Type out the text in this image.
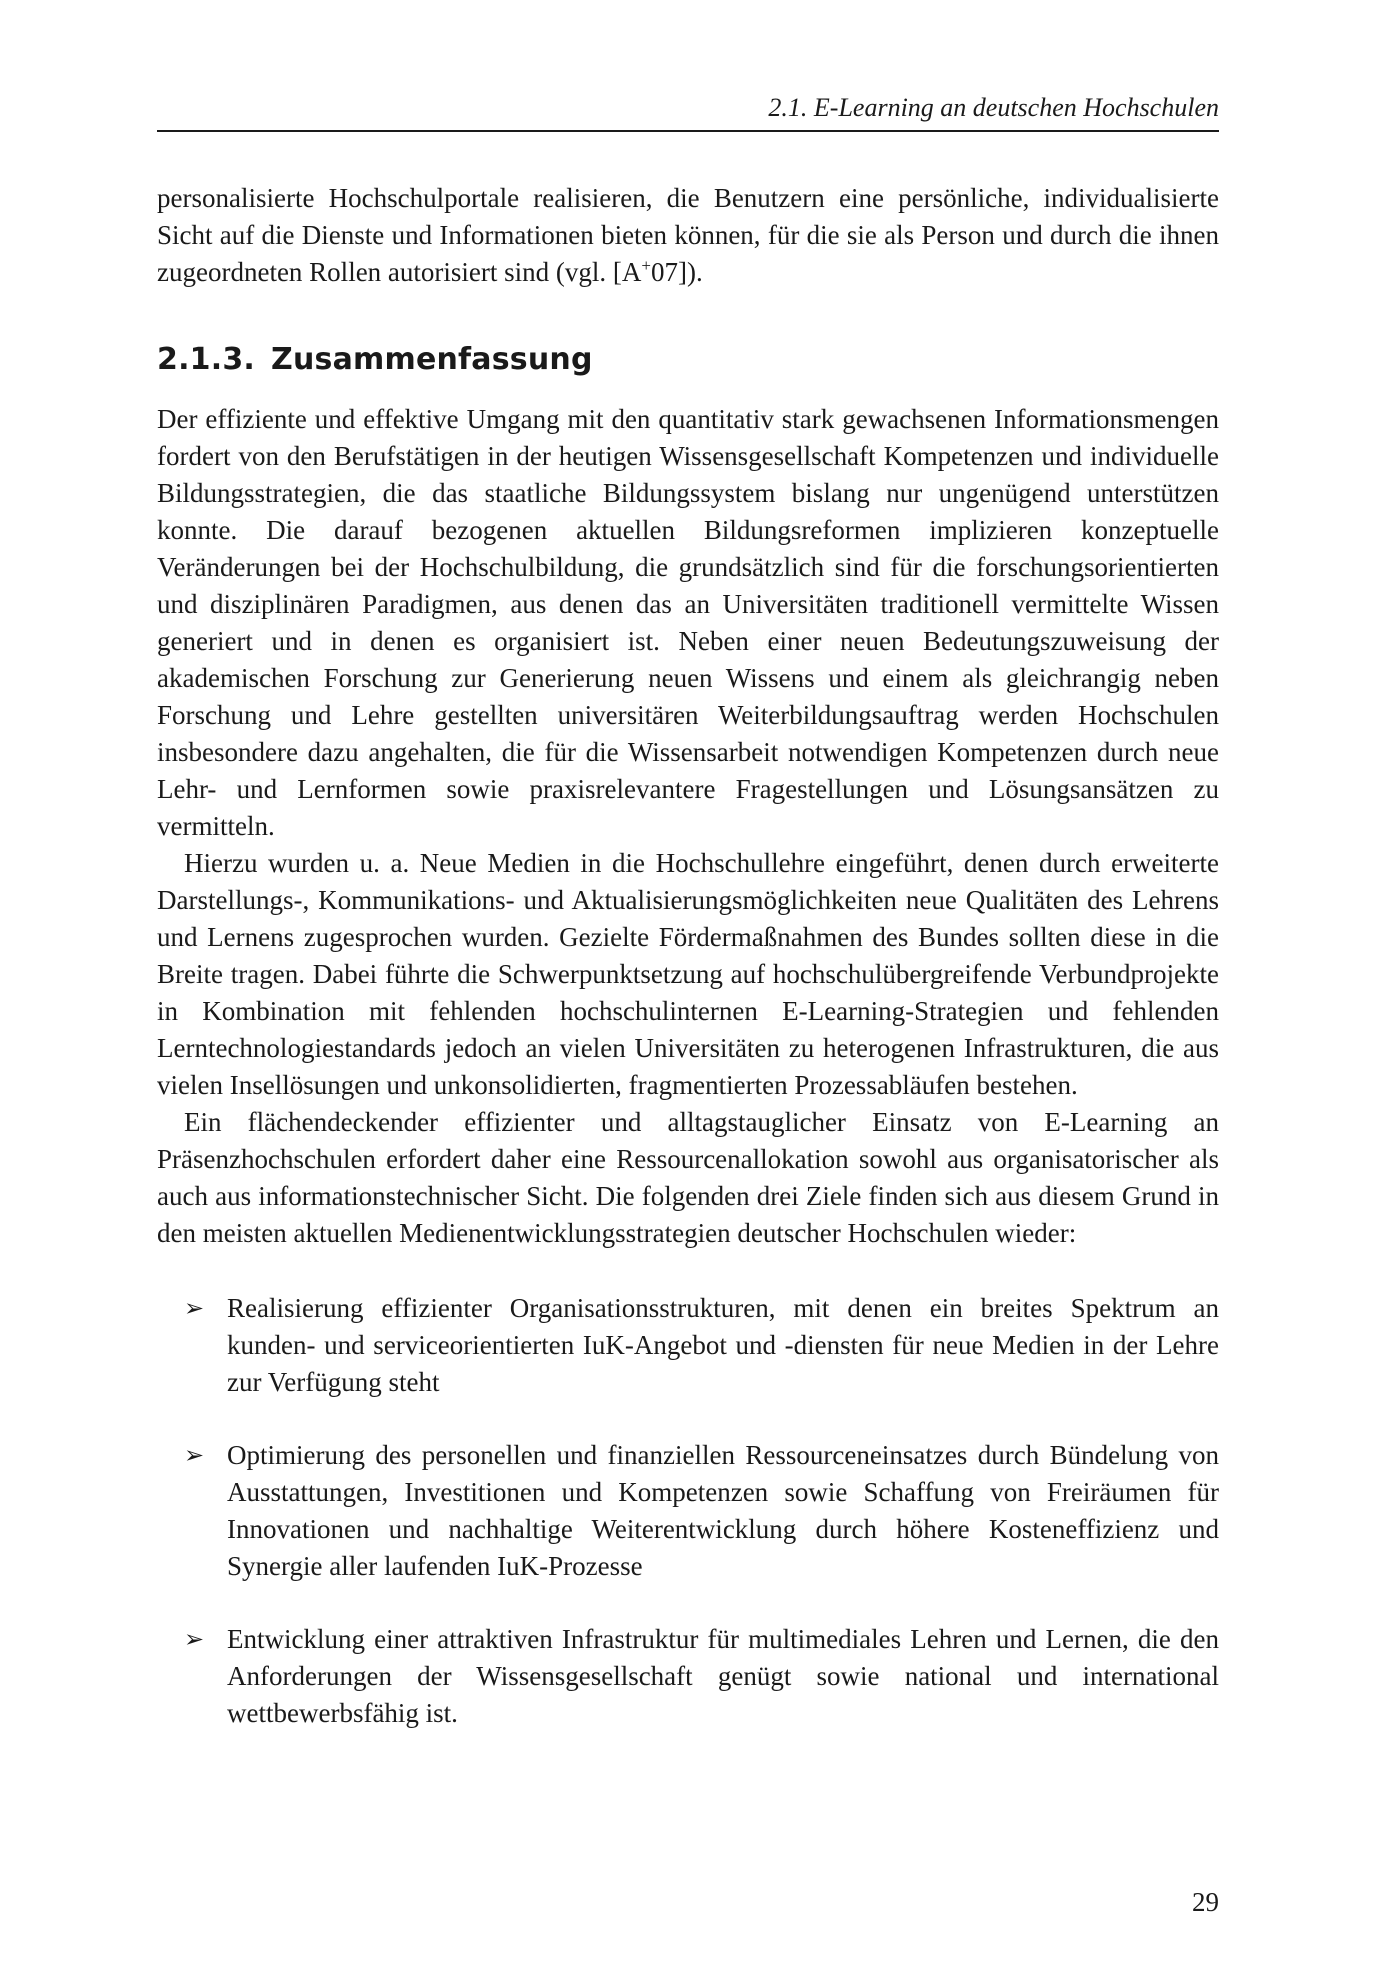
2.1. E-Learning an deutschen Hochschulen

personalisierte Hochschulportale realisieren, die Benutzern eine persönliche, individualisierte Sicht auf die Dienste und Informationen bieten können, für die sie als Person und durch die ihnen zugeordneten Rollen autorisiert sind (vgl. [A+07]).

2.1.3. Zusammenfassung

Der effiziente und effektive Umgang mit den quantitativ stark gewachsenen Informationsmengen fordert von den Berufstätigen in der heutigen Wissensgesellschaft Kompetenzen und individuelle Bildungsstrategien, die das staatliche Bildungssystem bislang nur ungenügend unterstützen konnte. Die darauf bezogenen aktuellen Bildungsreformen implizieren konzeptuelle Veränderungen bei der Hochschulbildung, die grundsätzlich sind für die forschungsorientierten und disziplinären Paradigmen, aus denen das an Universitäten traditionell vermittelte Wissen generiert und in denen es organisiert ist. Neben einer neuen Bedeutungszuweisung der akademischen Forschung zur Generierung neuen Wissens und einem als gleichrangig neben Forschung und Lehre gestellten universitären Weiterbildungsauftrag werden Hochschulen insbesondere dazu angehalten, die für die Wissensarbeit notwendigen Kompetenzen durch neue Lehr- und Lernformen sowie praxisrelevantere Fragestellungen und Lösungsansätzen zu vermitteln.

Hierzu wurden u. a. Neue Medien in die Hochschullehre eingeführt, denen durch erweiterte Darstellungs-, Kommunikations- und Aktualisierungsmöglichkeiten neue Qualitäten des Lehrens und Lernens zugesprochen wurden. Gezielte Fördermaßnahmen des Bundes sollten diese in die Breite tragen. Dabei führte die Schwerpunktsetzung auf hochschulübergreifende Verbundprojekte in Kombination mit fehlenden hochschulinternen E-Learning-Strategien und fehlenden Lerntechnologiestandards jedoch an vielen Universitäten zu heterogenen Infrastrukturen, die aus vielen Insellösungen und unkonsolidierten, fragmentierten Prozessabläufen bestehen.

Ein flächendeckender effizienter und alltagstauglicher Einsatz von E-Learning an Präsenzhochschulen erfordert daher eine Ressourcenallokation sowohl aus organisatorischer als auch aus informationstechnischer Sicht. Die folgenden drei Ziele finden sich aus diesem Grund in den meisten aktuellen Medienentwicklungsstrategien deutscher Hochschulen wieder:

➢ Realisierung effizienter Organisationsstrukturen, mit denen ein breites Spektrum an kunden- und serviceorientierten IuK-Angebot und -diensten für neue Medien in der Lehre zur Verfügung steht

➢ Optimierung des personellen und finanziellen Ressourceneinsatzes durch Bündelung von Ausstattungen, Investitionen und Kompetenzen sowie Schaffung von Freiräumen für Innovationen und nachhaltige Weiterentwicklung durch höhere Kosteneffizienz und Synergie aller laufenden IuK-Prozesse

➢ Entwicklung einer attraktiven Infrastruktur für multimediales Lehren und Lernen, die den Anforderungen der Wissensgesellschaft genügt sowie national und international wettbewerbsfähig ist.

29
